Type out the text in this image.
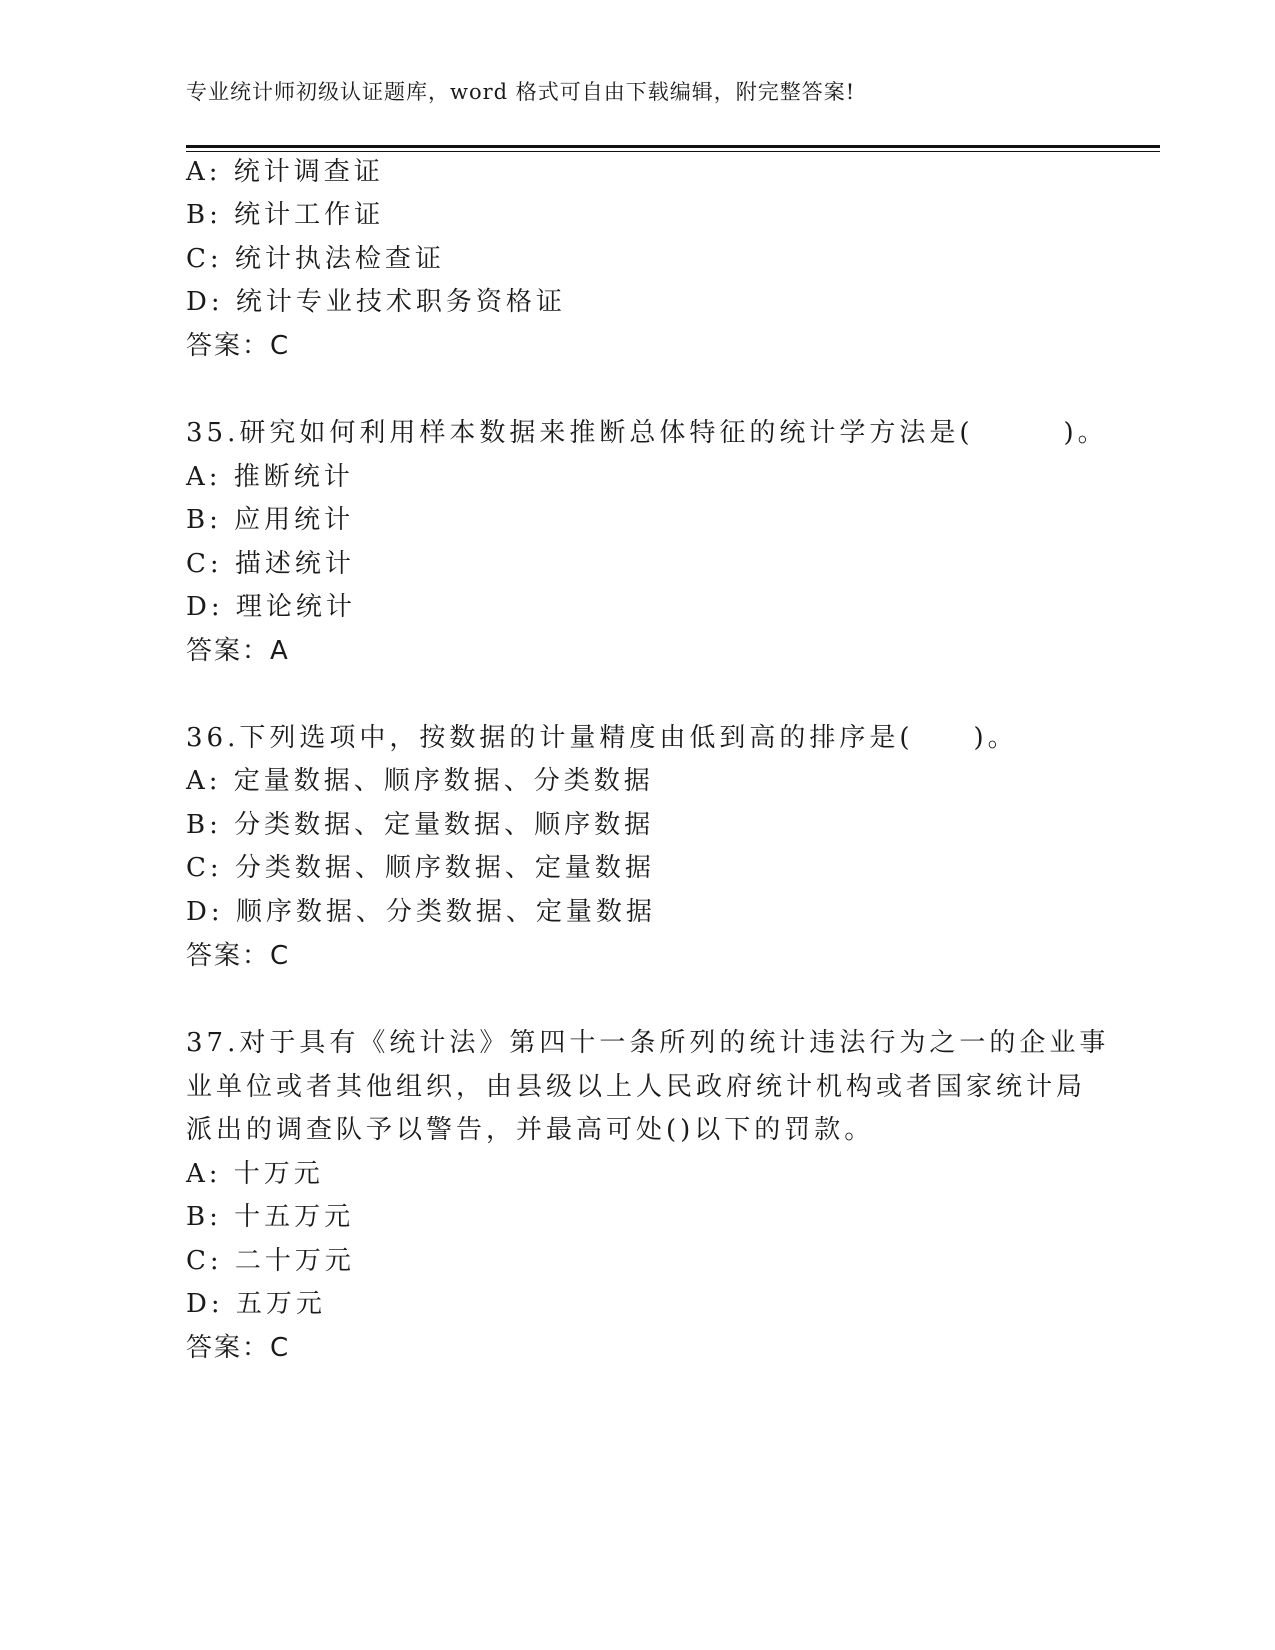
专业统计师初级认证题库，word 格式可自由下载编辑，附完整答案!
A: 统计调查证
B: 统计工作证
C: 统计执法检查证
D: 统计专业技术职务资格证
答案：C
35.研究如何利用样本数据来推断总体特征的统计学方法是(　　　)。
A: 推断统计
B: 应用统计
C: 描述统计
D: 理论统计
答案：A
36.下列选项中，按数据的计量精度由低到高的排序是(　　)。
A: 定量数据、顺序数据、分类数据
B: 分类数据、定量数据、顺序数据
C: 分类数据、顺序数据、定量数据
D: 顺序数据、分类数据、定量数据
答案：C
37.对于具有《统计法》第四十一条所列的统计违法行为之一的企业事
业单位或者其他组织，由县级以上人民政府统计机构或者国家统计局
派出的调查队予以警告，并最高可处()以下的罚款。
A: 十万元
B: 十五万元
C: 二十万元
D: 五万元
答案：C
